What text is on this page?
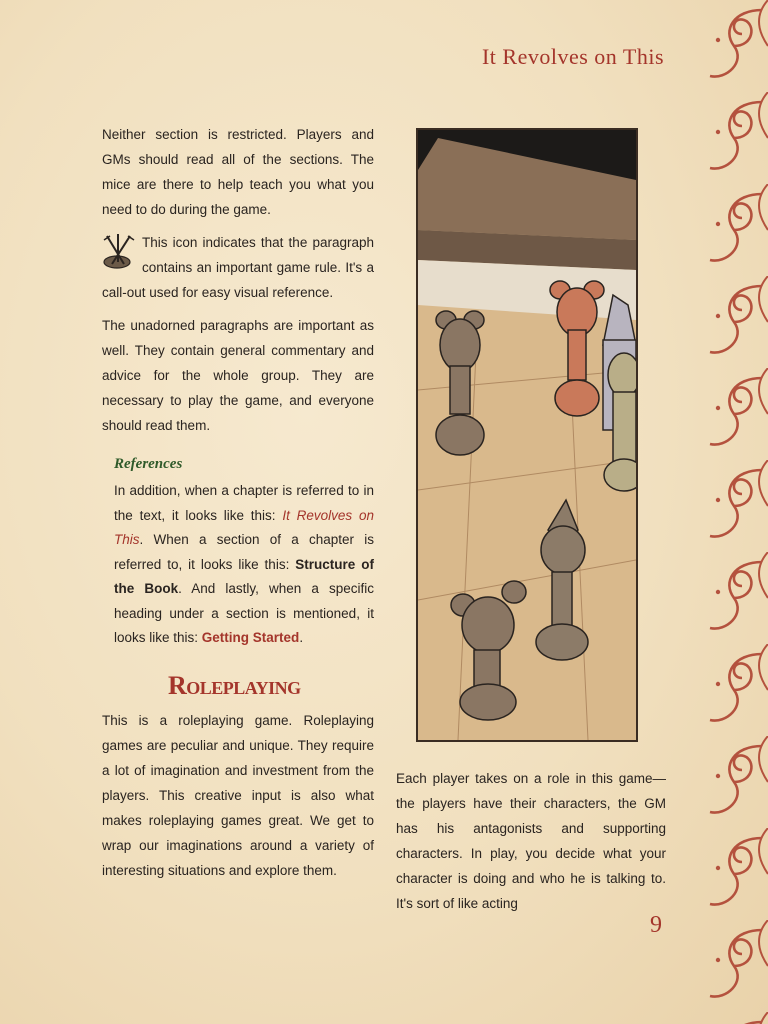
It Revolves on This

Neither section is restricted. Players and GMs should read all of the sections. The mice are there to help teach you what you need to do during the game.

This icon indicates that the paragraph contains an important game rule. It's a call-out used for easy visual reference.

The unadorned paragraphs are important as well. They contain general commentary and advice for the whole group. They are necessary to play the game, and everyone should read them.

References

In addition, when a chapter is referred to in the text, it looks like this: It Revolves on This. When a section of a chapter is referred to, it looks like this: Structure of the Book. And lastly, when a specific heading under a section is mentioned, it looks like this: Getting Started.

Roleplaying

This is a roleplaying game. Roleplaying games are peculiar and unique. They require a lot of imagination and investment from the players. This creative input is also what makes roleplaying games great. We get to wrap our imaginations around a variety of interesting situations and explore them.

Each player takes on a role in this game—the players have their characters, the GM has his antagonists and supporting characters. In play, you decide what your character is doing and who he is talking to. It's sort of like acting

9
